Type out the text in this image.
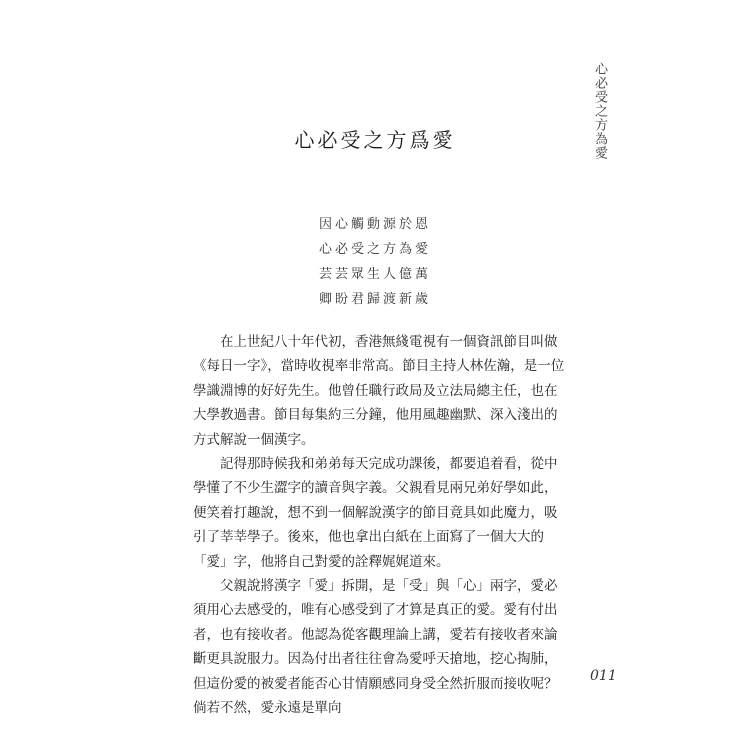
心必受之方為愛
心必受之方爲愛
因心觸動源於恩
心必受之方為愛
芸芸眾生人億萬
卿盼君歸渡新歲

在上世紀八十年代初，香港無綫電視有一個資訊節目叫做《每日一字》，當時收視率非常高。節目主持人林佐瀚，是一位學識淵博的好好先生。他曾任職行政局及立法局總主任，也在大學教過書。節目每集約三分鐘，他用風趣幽默、深入淺出的方式解說一個漢字。

記得那時候我和弟弟每天完成功課後，都要追着看，從中學懂了不少生澀字的讀音與字義。父親看見兩兄弟好學如此，便笑着打趣說，想不到一個解說漢字的節目竟具如此魔力，吸引了莘莘學子。後來，他也拿出白紙在上面寫了一個大大的「愛」字，他將自己對愛的詮釋娓娓道來。

父親說將漢字「愛」拆開，是「受」與「心」兩字，愛必須用心去感受的，唯有心感受到了才算是真正的愛。愛有付出者，也有接收者。他認為從客觀理論上講，愛若有接收者來論斷更具說服力。因為付出者往往會為愛呼天搶地，挖心掏肺，但這份愛的被愛者能否心甘情願感同身受全然折服而接收呢？倘若不然，愛永遠是單向

011
